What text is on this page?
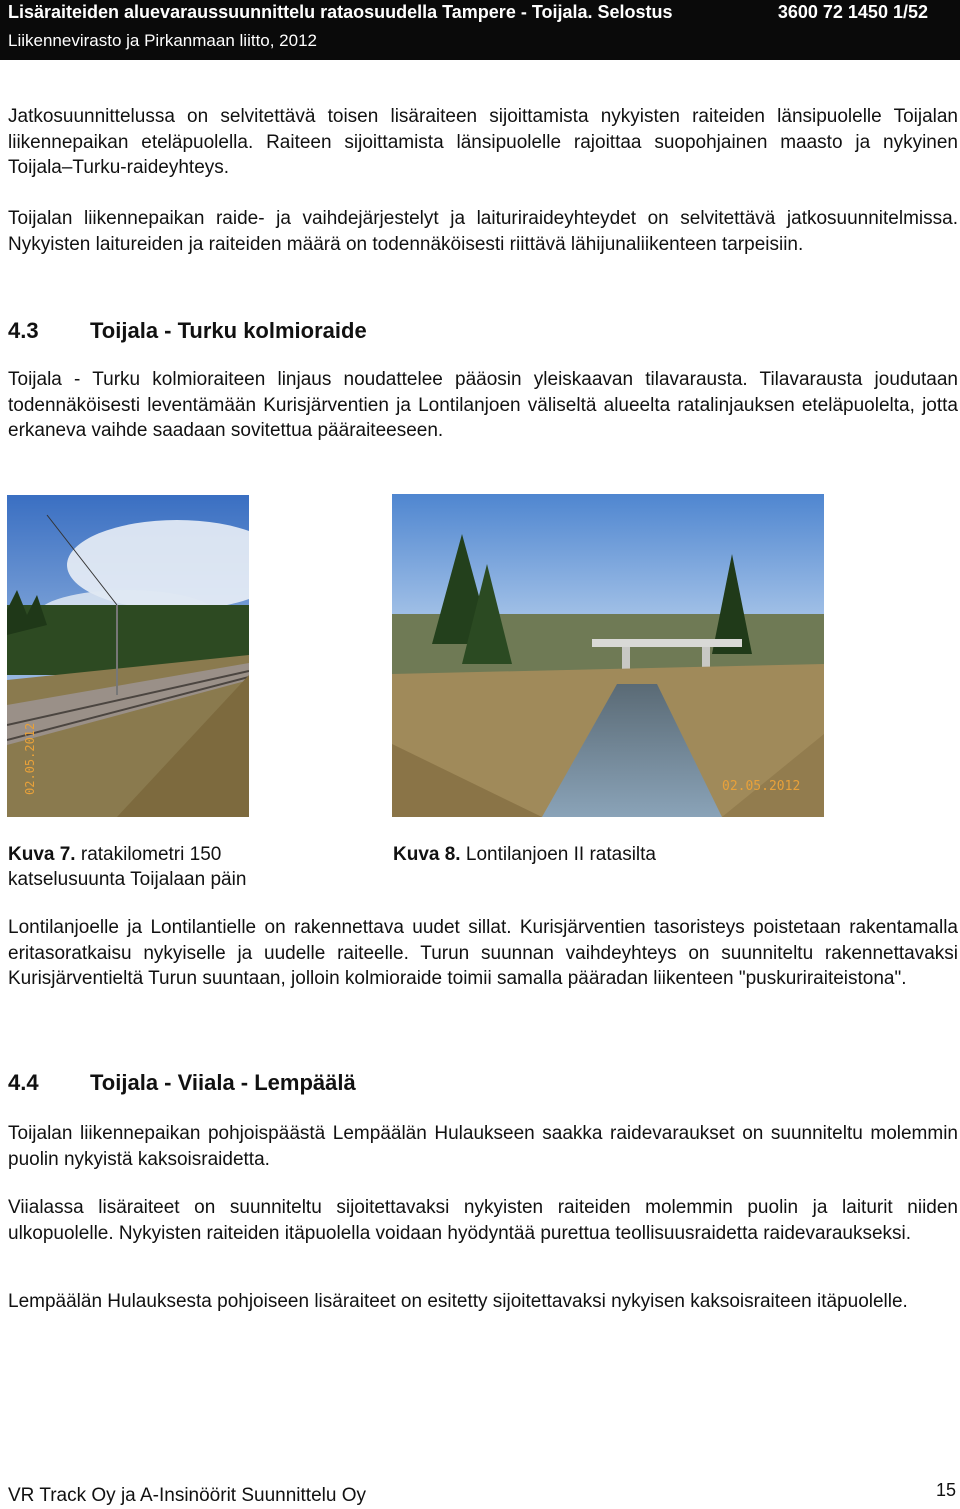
Lisäraiteiden aluevaraussuunnittelu rataosuudella Tampere - Toijala. Selostus	3600 72 1450 1/52
Liikennevirasto ja Pirkanmaan liitto, 2012

Jatkosuunnittelussa on selvitettävä toisen lisäraiteen sijoittamista nykyisten raiteiden länsipuolelle Toijalan liikennepaikan eteläpuolella. Raiteen sijoittamista länsipuolelle rajoittaa suopohjainen maasto ja nykyinen Toijala–Turku-raideyhteys.

Toijalan liikennepaikan raide- ja vaihdejärjestelyt ja laituriraideyhteydet on selvitettävä jatkosuunnitelmissa. Nykyisten laitureiden ja raiteiden määrä on todennäköisesti riittävä lähijunaliikenteen tarpeisiin.

4.3 Toijala - Turku kolmioraide

Toijala - Turku kolmioraiteen linjaus noudattelee pääosin yleiskaavan tilavarausta. Tilavarausta joudutaan todennäköisesti leventämään Kurisjärventien ja Lontilanjoen väliseltä alueelta ratalinjauksen eteläpuolelta, jotta erkaneva vaihde saadaan sovitettua pääraiteeseen.

02.05.2012	02.05.2012
Kuva 7. ratakilometri 150
katselusuunta Toijalaan päin
Kuva 8. Lontilanjoen II ratasilta

Lontilanjoelle ja Lontilantielle on rakennettava uudet sillat. Kurisjärventien tasoristeys poistetaan rakentamalla eritasoratkaisu nykyiselle ja uudelle raiteelle. Turun suunnan vaihdeyhteys on suunniteltu rakennettavaksi Kurisjärventieltä Turun suuntaan, jolloin kolmioraide toimii samalla pääradan liikenteen "puskuriraiteistona".

4.4 Toijala - Viiala - Lempäälä

Toijalan liikennepaikan pohjoispäästä Lempäälän Hulaukseen saakka raidevaraukset on suunniteltu molemmin puolin nykyistä kaksoisraidetta.

Viialassa lisäraiteet on suunniteltu sijoitettavaksi nykyisten raiteiden molemmin puolin ja laiturit niiden ulkopuolelle. Nykyisten raiteiden itäpuolella voidaan hyödyntää purettua teollisuusraidetta raidevaraukseksi.

Lempäälän Hulauksesta pohjoiseen lisäraiteet on esitetty sijoitettavaksi nykyisen kaksoisraiteen itäpuolelle.

VR Track Oy ja A-Insinöörit Suunnittelu Oy	15
